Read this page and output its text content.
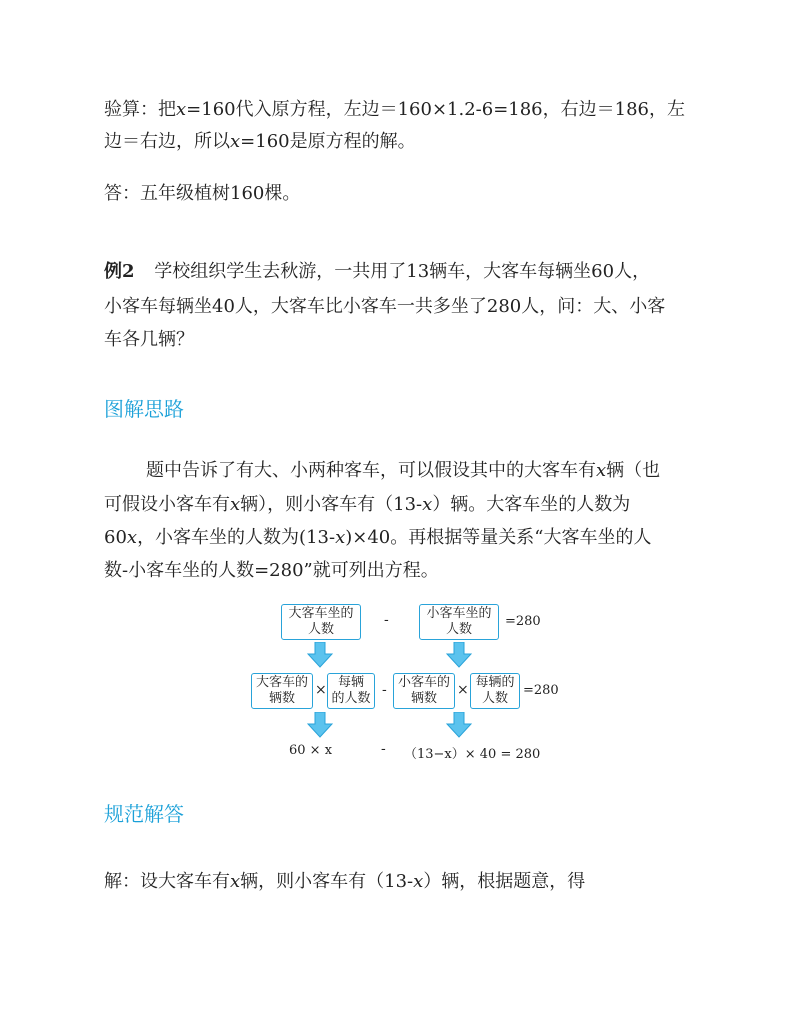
验算：把x=160代入原方程，左边＝160×1.2-6=186，右边＝186，左
边＝右边，所以x=160是原方程的解。
答：五年级植树160棵。
例2 学校组织学生去秋游，一共用了13辆车，大客车每辆坐60人，
小客车每辆坐40人，大客车比小客车一共多坐了280人，问：大、小客
车各几辆？
图解思路
题中告诉了有大、小两种客车，可以假设其中的大客车有x辆（也
可假设小客车有x辆），则小客车有（13-x）辆。大客车坐的人数为
60x，小客车坐的人数为(13-x)×40。再根据等量关系“大客车坐的人
数-小客车坐的人数=280”就可列出方程。
大客车坐的
人数
-	小客车坐的
人数
=280
大客车的
辆数
× 每辆
的人数
- 小客车的
辆数
× 每辆的
人数
=280
60 × x	- （13−x）× 40 = 280
规范解答
解：设大客车有x辆，则小客车有（13-x）辆，根据题意，得
